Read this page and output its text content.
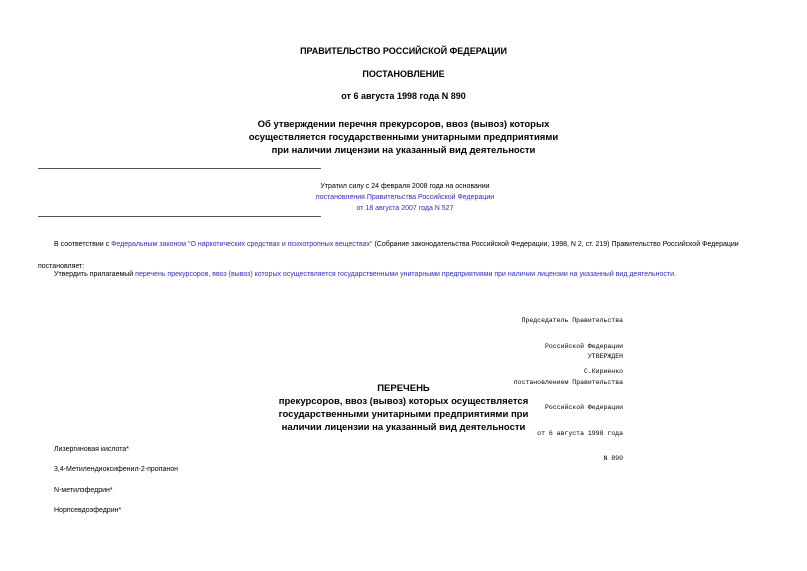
ПРАВИТЕЛЬСТВО РОССИЙСКОЙ ФЕДЕРАЦИИ
ПОСТАНОВЛЕНИЕ
от 6 августа 1998 года N 890
Об утверждении перечня прекурсоров, ввоз (вывоз) которых
осуществляется государственными унитарными предприятиями
при наличии лицензии на указанный вид деятельности
Утратил силу с 24 февраля 2008 года на основании
постановления Правительства Российской Федерации
от 18 августа 2007 года N 527
В соответствии с Федеральным законом "О наркотических средствах и психотропных веществах" (Собрание законодательства Российской Федерации, 1998, N 2, ст. 219) Правительство Российской Федерации
постановляет:
Утвердить прилагаемый перечень прекурсоров, ввоз (вывоз) которых осуществляется государственными унитарными предприятиями при наличии лицензии на указанный вид деятельности.

Председатель Правительства

Российской Федерации

С.Кириенко

УТВЕРЖДЕН

постановлением Правительства

Российской Федерации

от 6 августа 1998 года

N 890

ПЕРЕЧЕНЬ
прекурсоров, ввоз (вывоз) которых осуществляется
государственными унитарными предприятиями при
наличии лицензии на указанный вид деятельности
Лизергиновая кислота*
3,4-Метилендиоксифенил-2-пропанон
N-метилэфедрин*
Норпсевдоэфедрин*
